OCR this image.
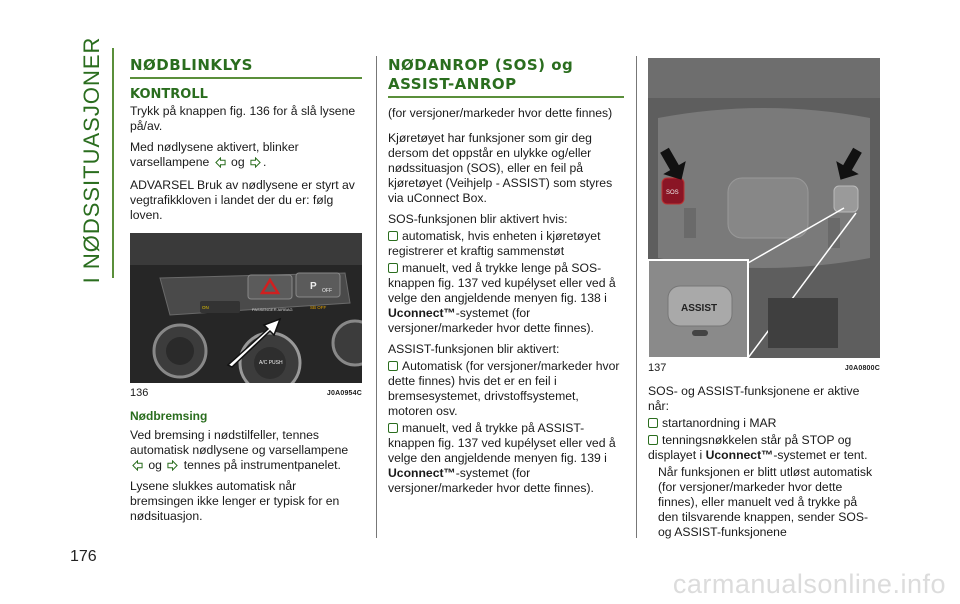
I NØDSSITUASJONER
176
NØDBLINKLYS
KONTROLL

Trykk på knappen fig. 136 for å slå lysene på/av.

Med nødlysene aktivert, blinker varsellampene og .

ADVARSEL Bruk av nødlysene er styrt av vegtrafikkloven i landet der du er: følg loven.

P OFF
ON	PASSENGER AIRBAG	SB OFF
A/C PUSH
136	J0A0954C
Nødbremsing

Ved bremsing i nødstilfeller, tennes automatisk nødlysene og varsellampene  og tennes på instrumentpanelet.

Lysene slukkes automatisk når bremsingen ikke lenger er typisk for en nødsituasjon.

NØDANROP (SOS) og
ASSIST-ANROP

(for versjoner/markeder hvor dette finnes)

Kjøretøyet har funksjoner som gir deg dersom det oppstår en ulykke og/eller nødssituasjon (SOS), eller en feil på kjøretøyet (Veihjelp - ASSIST) som styres via uConnect Box.

SOS-funksjonen blir aktivert hvis:

automatisk, hvis enheten i kjøretøyet registrerer et kraftig sammenstøt

manuelt, ved å trykke lenge på SOS-knappen fig. 137 ved kupélyset eller ved å velge den angjeldende menyen fig. 138 i Uconnect™-systemet (for versjoner/markeder hvor dette finnes).

ASSIST-funksjonen blir aktivert:

Automatisk (for versjoner/markeder hvor dette finnes) hvis det er en feil i bremsesystemet, drivstoffsystemet, motoren osv.

manuelt, ved å trykke på ASSIST-knappen fig. 137 ved kupélyset eller ved å velge den angjeldende menyen fig. 139 i Uconnect™-systemet (for versjoner/markeder hvor dette finnes).

SOS
ASSIST
137	J0A0800C

SOS- og ASSIST-funksjonene er aktive når:

startanordning i MAR

tenningsnøkkelen står på STOP og displayet i Uconnect™-systemet er tent.

Når funksjonen er blitt utløst automatisk (for versjoner/markeder hvor dette finnes), eller manuelt ved å trykke på den tilsvarende knappen, sender SOS- og ASSIST-funksjonene

carmanualsonline.info
